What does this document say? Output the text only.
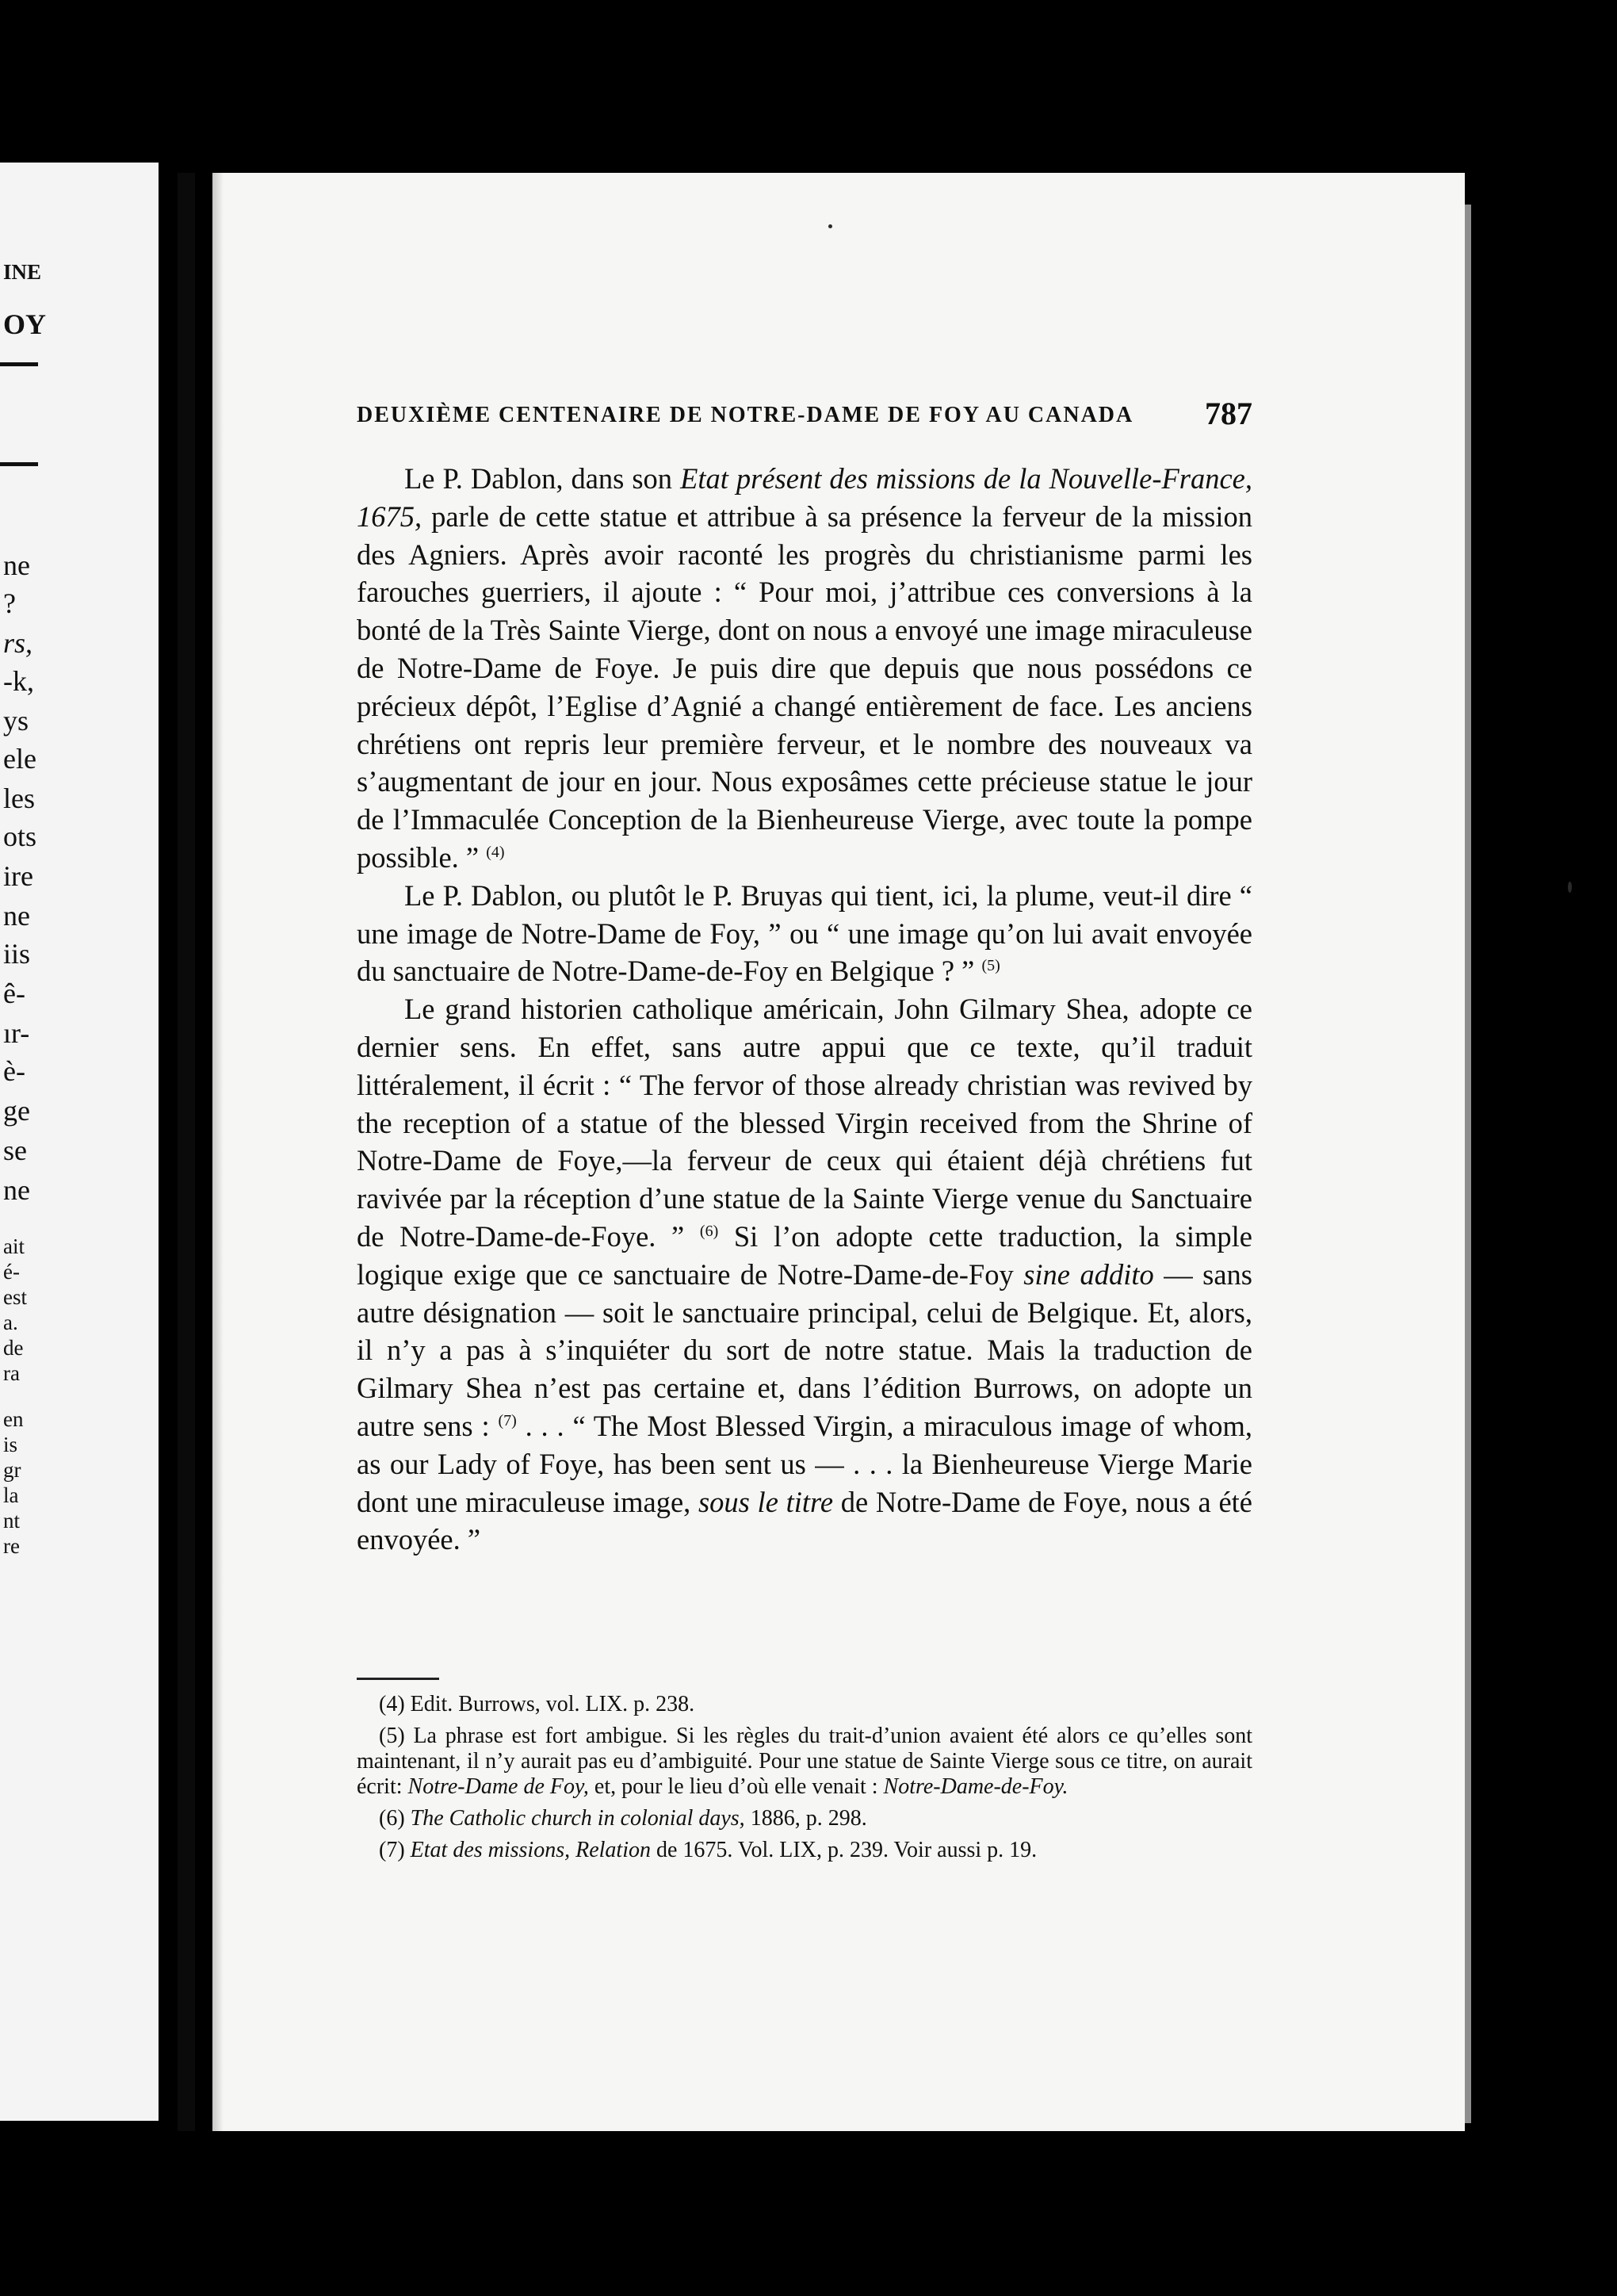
INE
OY
ne
?
rs,
-k,
ys
ele
les
ots
ire
ne
iis
ê-
ır-
è-
ge
se
ne
ait
é-
est
a.
de
ra
en
is
gr
la
nt
re
DEUXIÈME CENTENAIRE DE NOTRE-DAME DE FOY AU CANADA 787

Le P. Dablon, dans son Etat présent des missions de la Nouvelle-France, 1675, parle de cette statue et attribue à sa présence la ferveur de la mission des Agniers. Après avoir raconté les progrès du christianisme parmi les farouches guerriers, il ajoute : “ Pour moi, j’attribue ces conversions à la bonté de la Très Sainte Vierge, dont on nous a envoyé une image miraculeuse de Notre-Dame de Foye. Je puis dire que depuis que nous possédons ce précieux dépôt, l’Eglise d’Agnié a changé entièrement de face. Les anciens chrétiens ont repris leur première ferveur, et le nombre des nouveaux va s’augmentant de jour en jour. Nous exposâmes cette précieuse statue le jour de l’Immaculée Conception de la Bienheureuse Vierge, avec toute la pompe possible. ” $^{(4)}$

Le P. Dablon, ou plutôt le P. Bruyas qui tient, ici, la plume, veut-il dire “ une image de Notre-Dame de Foy, ” ou “ une image qu’on lui avait envoyée du sanctuaire de Notre-Dame-de-Foy en Belgique ? ” $^{(5)}$

Le grand historien catholique américain, John Gilmary Shea, adopte ce dernier sens. En effet, sans autre appui que ce texte, qu’il traduit littéralement, il écrit : “ The fervor of those already christian was revived by the reception of a statue of the blessed Virgin received from the Shrine of Notre-Dame de Foye,—la ferveur de ceux qui étaient déjà chrétiens fut ravivée par la réception d’une statue de la Sainte Vierge venue du Sanctuaire de Notre-Dame-de-Foye. ” $^{(6)}$ Si l’on adopte cette traduction, la simple logique exige que ce sanctuaire de Notre-Dame-de-Foy sine addito — sans autre désignation — soit le sanctuaire principal, celui de Belgique. Et, alors, il n’y a pas à s’inquiéter du sort de notre statue. Mais la traduction de Gilmary Shea n’est pas certaine et, dans l’édition Burrows, on adopte un autre sens : $^{(7)}$ . . . “ The Most Blessed Virgin, a miraculous image of whom, as our Lady of Foye, has been sent us — . . . la Bienheureuse Vierge Marie dont une miraculeuse image, sous le titre de Notre-Dame de Foye, nous a été envoyée. ”

(4) Edit. Burrows, vol. LIX. p. 238.

(5) La phrase est fort ambigue. Si les règles du trait-d’union avaient été alors ce qu’elles sont maintenant, il n’y aurait pas eu d’ambiguité. Pour une statue de Sainte Vierge sous ce titre, on aurait écrit: Notre-Dame de Foy, et, pour le lieu d’où elle venait : Notre-Dame-de-Foy.

(6) The Catholic church in colonial days, 1886, p. 298.

(7) Etat des missions, Relation de 1675. Vol. LIX, p. 239. Voir aussi p. 19.
